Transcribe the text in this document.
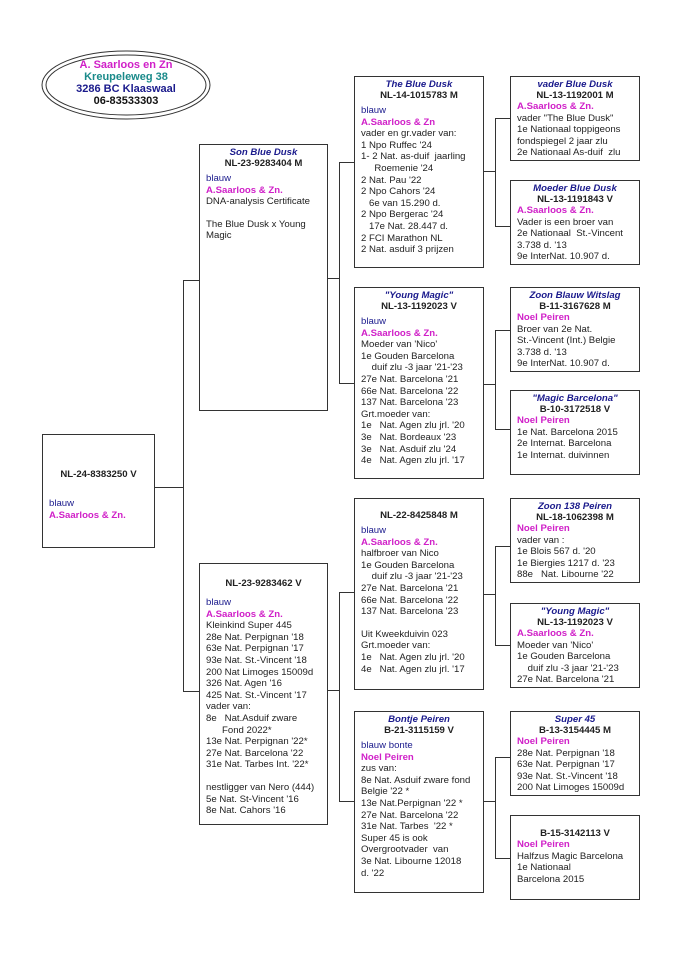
A. Saarloos en Zn
Kreupeleweg 38
3286 BC Klaaswaal
06-83533303
NL-24-8383250 V
blauw
A.Saarloos & Zn.
Son Blue Dusk
NL-23-9283404 M
blauw
A.Saarloos & Zn.
DNA-analysis Certificate
The Blue Dusk x Young
Magic
NL-23-9283462 V
blauw
A.Saarloos & Zn.
Kleinkind Super 445
28e Nat. Perpignan '18
63e Nat. Perpignan '17
93e Nat. St.-Vincent '18
200 Nat Limoges 15009d
326 Nat. Agen '16
425 Nat. St.-Vincent '17
vader van:
8e   Nat.Asduif zware
Fond 2022*
13e Nat. Perpignan '22*
27e Nat. Barcelona '22
31e Nat. Tarbes Int. '22*
nestligger van Nero (444)
5e Nat. St-Vincent '16
8e Nat. Cahors '16
The Blue Dusk
NL-14-1015783 M
blauw
A.Saarloos & Zn
vader en gr.vader van:
1 Npo Ruffec '24
1- 2 Nat. as-duif  jaarling
Roemenie '24
2 Nat. Pau '22
2 Npo Cahors '24
6e van 15.290 d.
2 Npo Bergerac '24
17e Nat. 28.447 d.
2 FCI Marathon NL
2 Nat. asduif 3 prijzen
"Young Magic"
NL-13-1192023 V
blauw
A.Saarloos & Zn.
Moeder van 'Nico'
1e Gouden Barcelona
duif zlu -3 jaar '21-'23
27e Nat. Barcelona '21
66e Nat. Barcelona '22
137 Nat. Barcelona '23
Grt.moeder van:
1e   Nat. Agen zlu jrl. '20
3e   Nat. Bordeaux '23
3e   Nat. Asduif zlu '24
4e   Nat. Agen zlu jrl. '17
NL-22-8425848 M
blauw
A.Saarloos & Zn.
halfbroer van Nico
1e Gouden Barcelona
duif zlu -3 jaar '21-'23
27e Nat. Barcelona '21
66e Nat. Barcelona '22
137 Nat. Barcelona '23
Uit Kweekduivin 023
Grt.moeder van:
1e   Nat. Agen zlu jrl. '20
4e   Nat. Agen zlu jrl. '17
Bontje Peiren
B-21-3115159 V
blauw bonte
Noel Peiren
zus van:
8e Nat. Asduif zware fond
Belgie '22 *
13e Nat.Perpignan '22 *
27e Nat. Barcelona '22
31e Nat. Tarbes  '22 *
Super 45 is ook
Overgrootvader  van
3e Nat. Libourne 12018
d. '22
vader Blue Dusk
NL-13-1192001 M
A.Saarloos & Zn.
vader "The Blue Dusk"
1e Nationaal toppigeons
fondspiegel 2 jaar zlu
2e Nationaal As-duif  zlu
Moeder Blue Dusk
NL-13-1191843 V
A.Saarloos & Zn.
Vader is een broer van
2e Nationaal  St.-Vincent
3.738 d. '13
9e InterNat. 10.907 d.
Zoon Blauw Witslag
B-11-3167628 M
Noel Peiren
Broer van 2e Nat.
St.-Vincent (Int.) Belgie
3.738 d. '13
9e InterNat. 10.907 d.
"Magic Barcelona"
B-10-3172518 V
Noel Peiren
1e Nat. Barcelona 2015
2e Internat. Barcelona
1e Internat. duivinnen
Zoon 138 Peiren
NL-18-1062398 M
Noel Peiren
vader van :
1e Blois 567 d. '20
1e Biergies 1217 d. '23
88e   Nat. Libourne '22
"Young Magic"
NL-13-1192023 V
A.Saarloos & Zn.
Moeder van 'Nico'
1e Gouden Barcelona
duif zlu -3 jaar '21-'23
27e Nat. Barcelona '21
Super 45
B-13-3154445 M
Noel Peiren
28e Nat. Perpignan '18
63e Nat. Perpignan '17
93e Nat. St.-Vincent '18
200 Nat Limoges 15009d
B-15-3142113 V
Noel Peiren
Halfzus Magic Barcelona
1e Nationaal
Barcelona 2015
